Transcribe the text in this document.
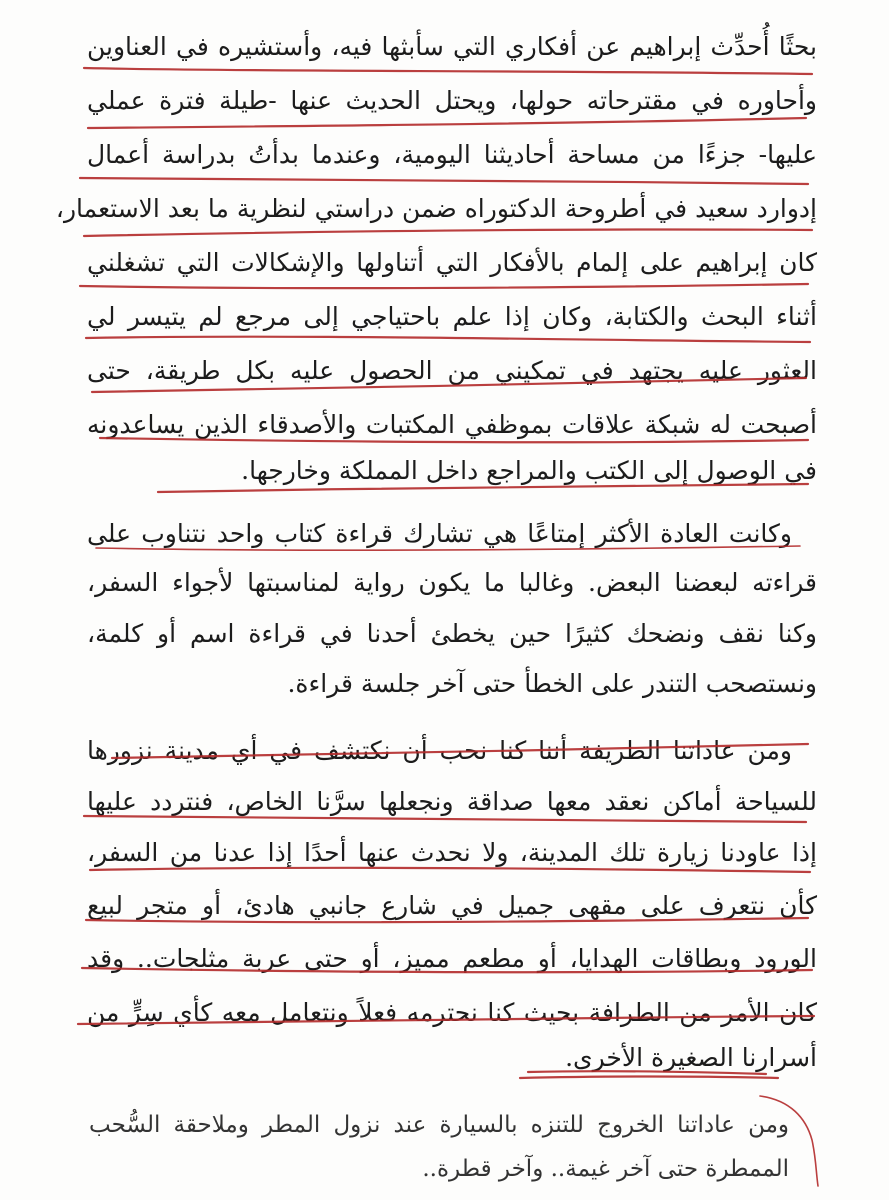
بحثًا أُحدِّث إبراهيم عن أفكاري التي سأبثها فيه، وأستشيره في العناوين
وأحاوره في مقترحاته حولها، ويحتل الحديث عنها -طيلة فترة عملي
عليها- جزءًا من مساحة أحاديثنا اليومية، وعندما بدأتُ بدراسة أعمال
إدوارد سعيد في أطروحة الدكتوراه ضمن دراستي لنظرية ما بعد الاستعمار،
كان إبراهيم على إلمام بالأفكار التي أتناولها والإشكالات التي تشغلني
أثناء البحث والكتابة، وكان إذا علم باحتياجي إلى مرجع لم يتيسر لي
العثور عليه يجتهد في تمكيني من الحصول عليه بكل طريقة، حتى
أصبحت له شبكة علاقات بموظفي المكتبات والأصدقاء الذين يساعدونه
في الوصول إلى الكتب والمراجع داخل المملكة وخارجها.
وكانت العادة الأكثر إمتاعًا هي تشارك قراءة كتاب واحد نتناوب على
قراءته لبعضنا البعض. وغالبا ما يكون رواية لمناسبتها لأجواء السفر،
وكنا نقف ونضحك كثيرًا حين يخطئ أحدنا في قراءة اسم أو كلمة،
ونستصحب التندر على الخطأ حتى آخر جلسة قراءة.
ومن عاداتنا الطريفة أننا كنا نحب أن نكتشف في أي مدينة نزورها
للسياحة أماكن نعقد معها صداقة ونجعلها سرَّنا الخاص، فنتردد عليها
إذا عاودنا زيارة تلك المدينة، ولا نحدث عنها أحدًا إذا عدنا من السفر،
كأن نتعرف على مقهى جميل في شارع جانبي هادئ، أو متجر لبيع
الورود وبطاقات الهدايا، أو مطعم مميز، أو حتى عربة مثلجات.. وقد
كان الأمر من الطرافة بحيث كنا نحترمه فعلاً ونتعامل معه كأي سِرٍّ من
أسرارنا الصغيرة الأخرى.
ومن عاداتنا الخروج للتنزه بالسيارة عند نزول المطر وملاحقة السُّحب
الممطرة حتى آخر غيمة.. وآخر قطرة..
